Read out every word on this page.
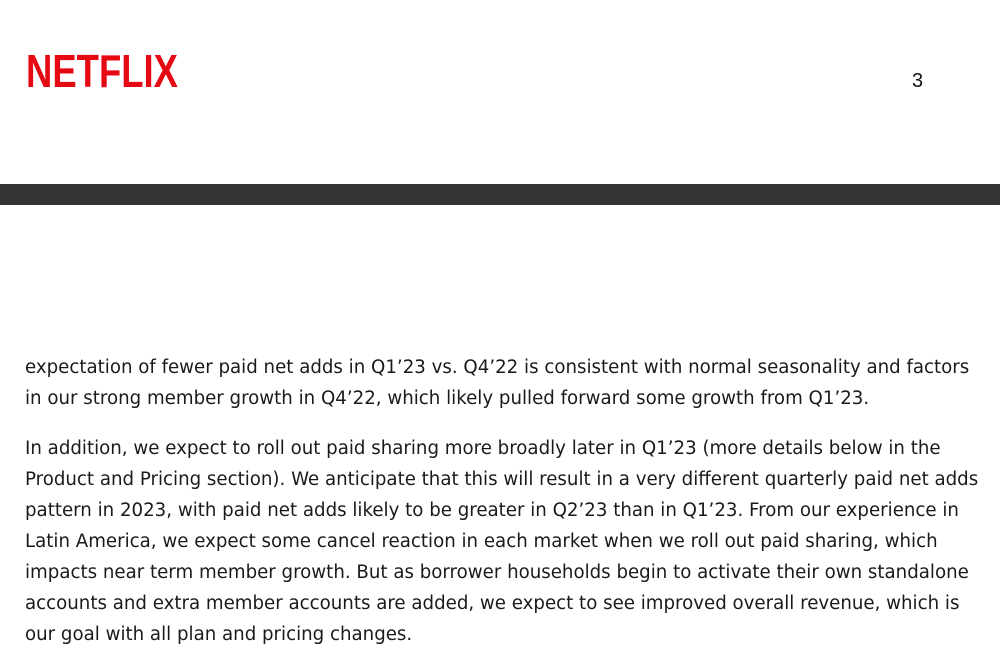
NETFLIX	3

expectation of fewer paid net adds in Q1’23 vs. Q4’22 is consistent with normal seasonality and factors
in our strong member growth in Q4’22, which likely pulled forward some growth from Q1’23.

In addition, we expect to roll out paid sharing more broadly later in Q1’23 (more details below in the
Product and Pricing section). We anticipate that this will result in a very different quarterly paid net adds
pattern in 2023, with paid net adds likely to be greater in Q2’23 than in Q1’23. From our experience in
Latin America, we expect some cancel reaction in each market when we roll out paid sharing, which
impacts near term member growth. But as borrower households begin to activate their own standalone
accounts and extra member accounts are added, we expect to see improved overall revenue, which is
our goal with all plan and pricing changes.
